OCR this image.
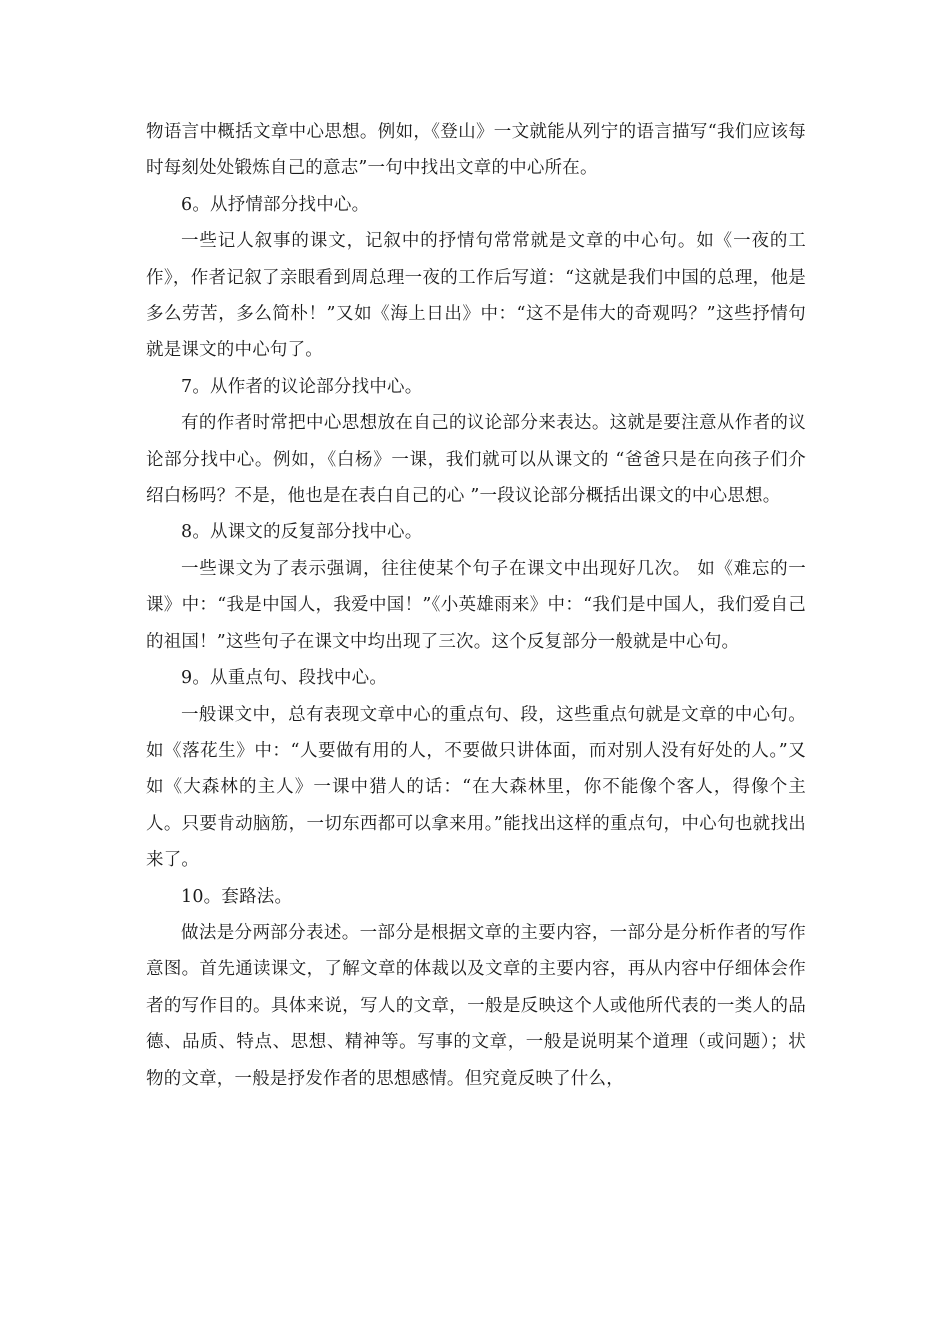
物语言中概括文章中心思想。例如，《登山》一文就能从列宁的语言描写“我们应该每时每刻处处锻炼自己的意志”一句中找出文章的中心所在。

6。从抒情部分找中心。

一些记人叙事的课文，记叙中的抒情句常常就是文章的中心句。如《一夜的工作》，作者记叙了亲眼看到周总理一夜的工作后写道：“这就是我们中国的总理，他是多么劳苦，多么简朴！”又如《海上日出》中：“这不是伟大的奇观吗？”这些抒情句就是课文的中心句了。

7。从作者的议论部分找中心。

有的作者时常把中心思想放在自己的议论部分来表达。这就是要注意从作者的议论部分找中心。例如，《白杨》一课，我们就可以从课文的 “爸爸只是在向孩子们介绍白杨吗？不是，他也是在表白自己的心 ”一段议论部分概括出课文的中心思想。

8。从课文的反复部分找中心。

一些课文为了表示强调，往往使某个句子在课文中出现好几次。 如《难忘的一课》中：“我是中国人，我爱中国！”《小英雄雨来》中：“我们是中国人，我们爱自己的祖国！”这些句子在课文中均出现了三次。这个反复部分一般就是中心句。

9。从重点句、段找中心。

一般课文中，总有表现文章中心的重点句、段，这些重点句就是文章的中心句。如《落花生》中：“人要做有用的人，不要做只讲体面，而对别人没有好处的人。”又如《大森林的主人》一课中猎人的话：“在大森林里，你不能像个客人，得像个主人。只要肯动脑筋，一切东西都可以拿来用。”能找出这样的重点句，中心句也就找出来了。

10。套路法。

做法是分两部分表述。一部分是根据文章的主要内容，一部分是分析作者的写作意图。首先通读课文，了解文章的体裁以及文章的主要内容，再从内容中仔细体会作者的写作目的。具体来说，写人的文章，一般是反映这个人或他所代表的一类人的品德、品质、特点、思想、精神等。写事的文章，一般是说明某个道理（或问题）；状物的文章，一般是抒发作者的思想感情。但究竟反映了什么，
